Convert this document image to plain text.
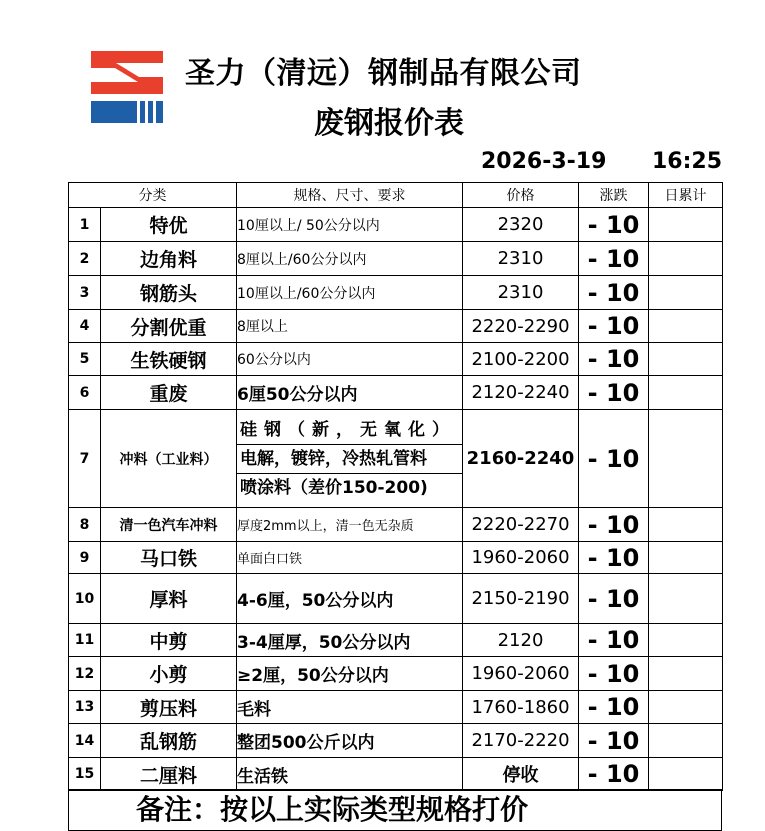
圣力（清远）钢制品有限公司
废钢报价表
2026-3-19 16:25
分类		规格、尺寸、要求	价格	涨跌	日累计
1	特优	10厘以上/ 50公分以内	2320	- 10	
2	边角料	8厘以上/60公分以内	2310	- 10	
3	钢筋头	10厘以上/60公分以内	2310	- 10	
4	分割优重	8厘以上	2220-2290	- 10	
5	生铁硬钢	60公分以内	2100-2200	- 10	
6	重废	6厘50公分以内	2120-2240	- 10	
7	冲料（工业料）	硅钢（新，无氧化）
电解，镀锌，冷热轧管料
喷涂料（差价150-200)	2160-2240	- 10	
8	清一色汽车冲料	厚度2mm以上，清一色无杂质	2220-2270	- 10	
9	马口铁	单面白口铁	1960-2060	- 10	
10	厚料	4-6厘，50公分以内	2150-2190	- 10	
11	中剪	3-4厘厚，50公分以内	2120	- 10	
12	小剪	≥2厘，50公分以内	1960-2060	- 10	
13	剪压料	毛料	1760-1860	- 10	
14	乱钢筋	整团500公斤以内	2170-2220	- 10	
15	二厘料	生活铁	停收	- 10	
备注：按以上实际类型规格打价
